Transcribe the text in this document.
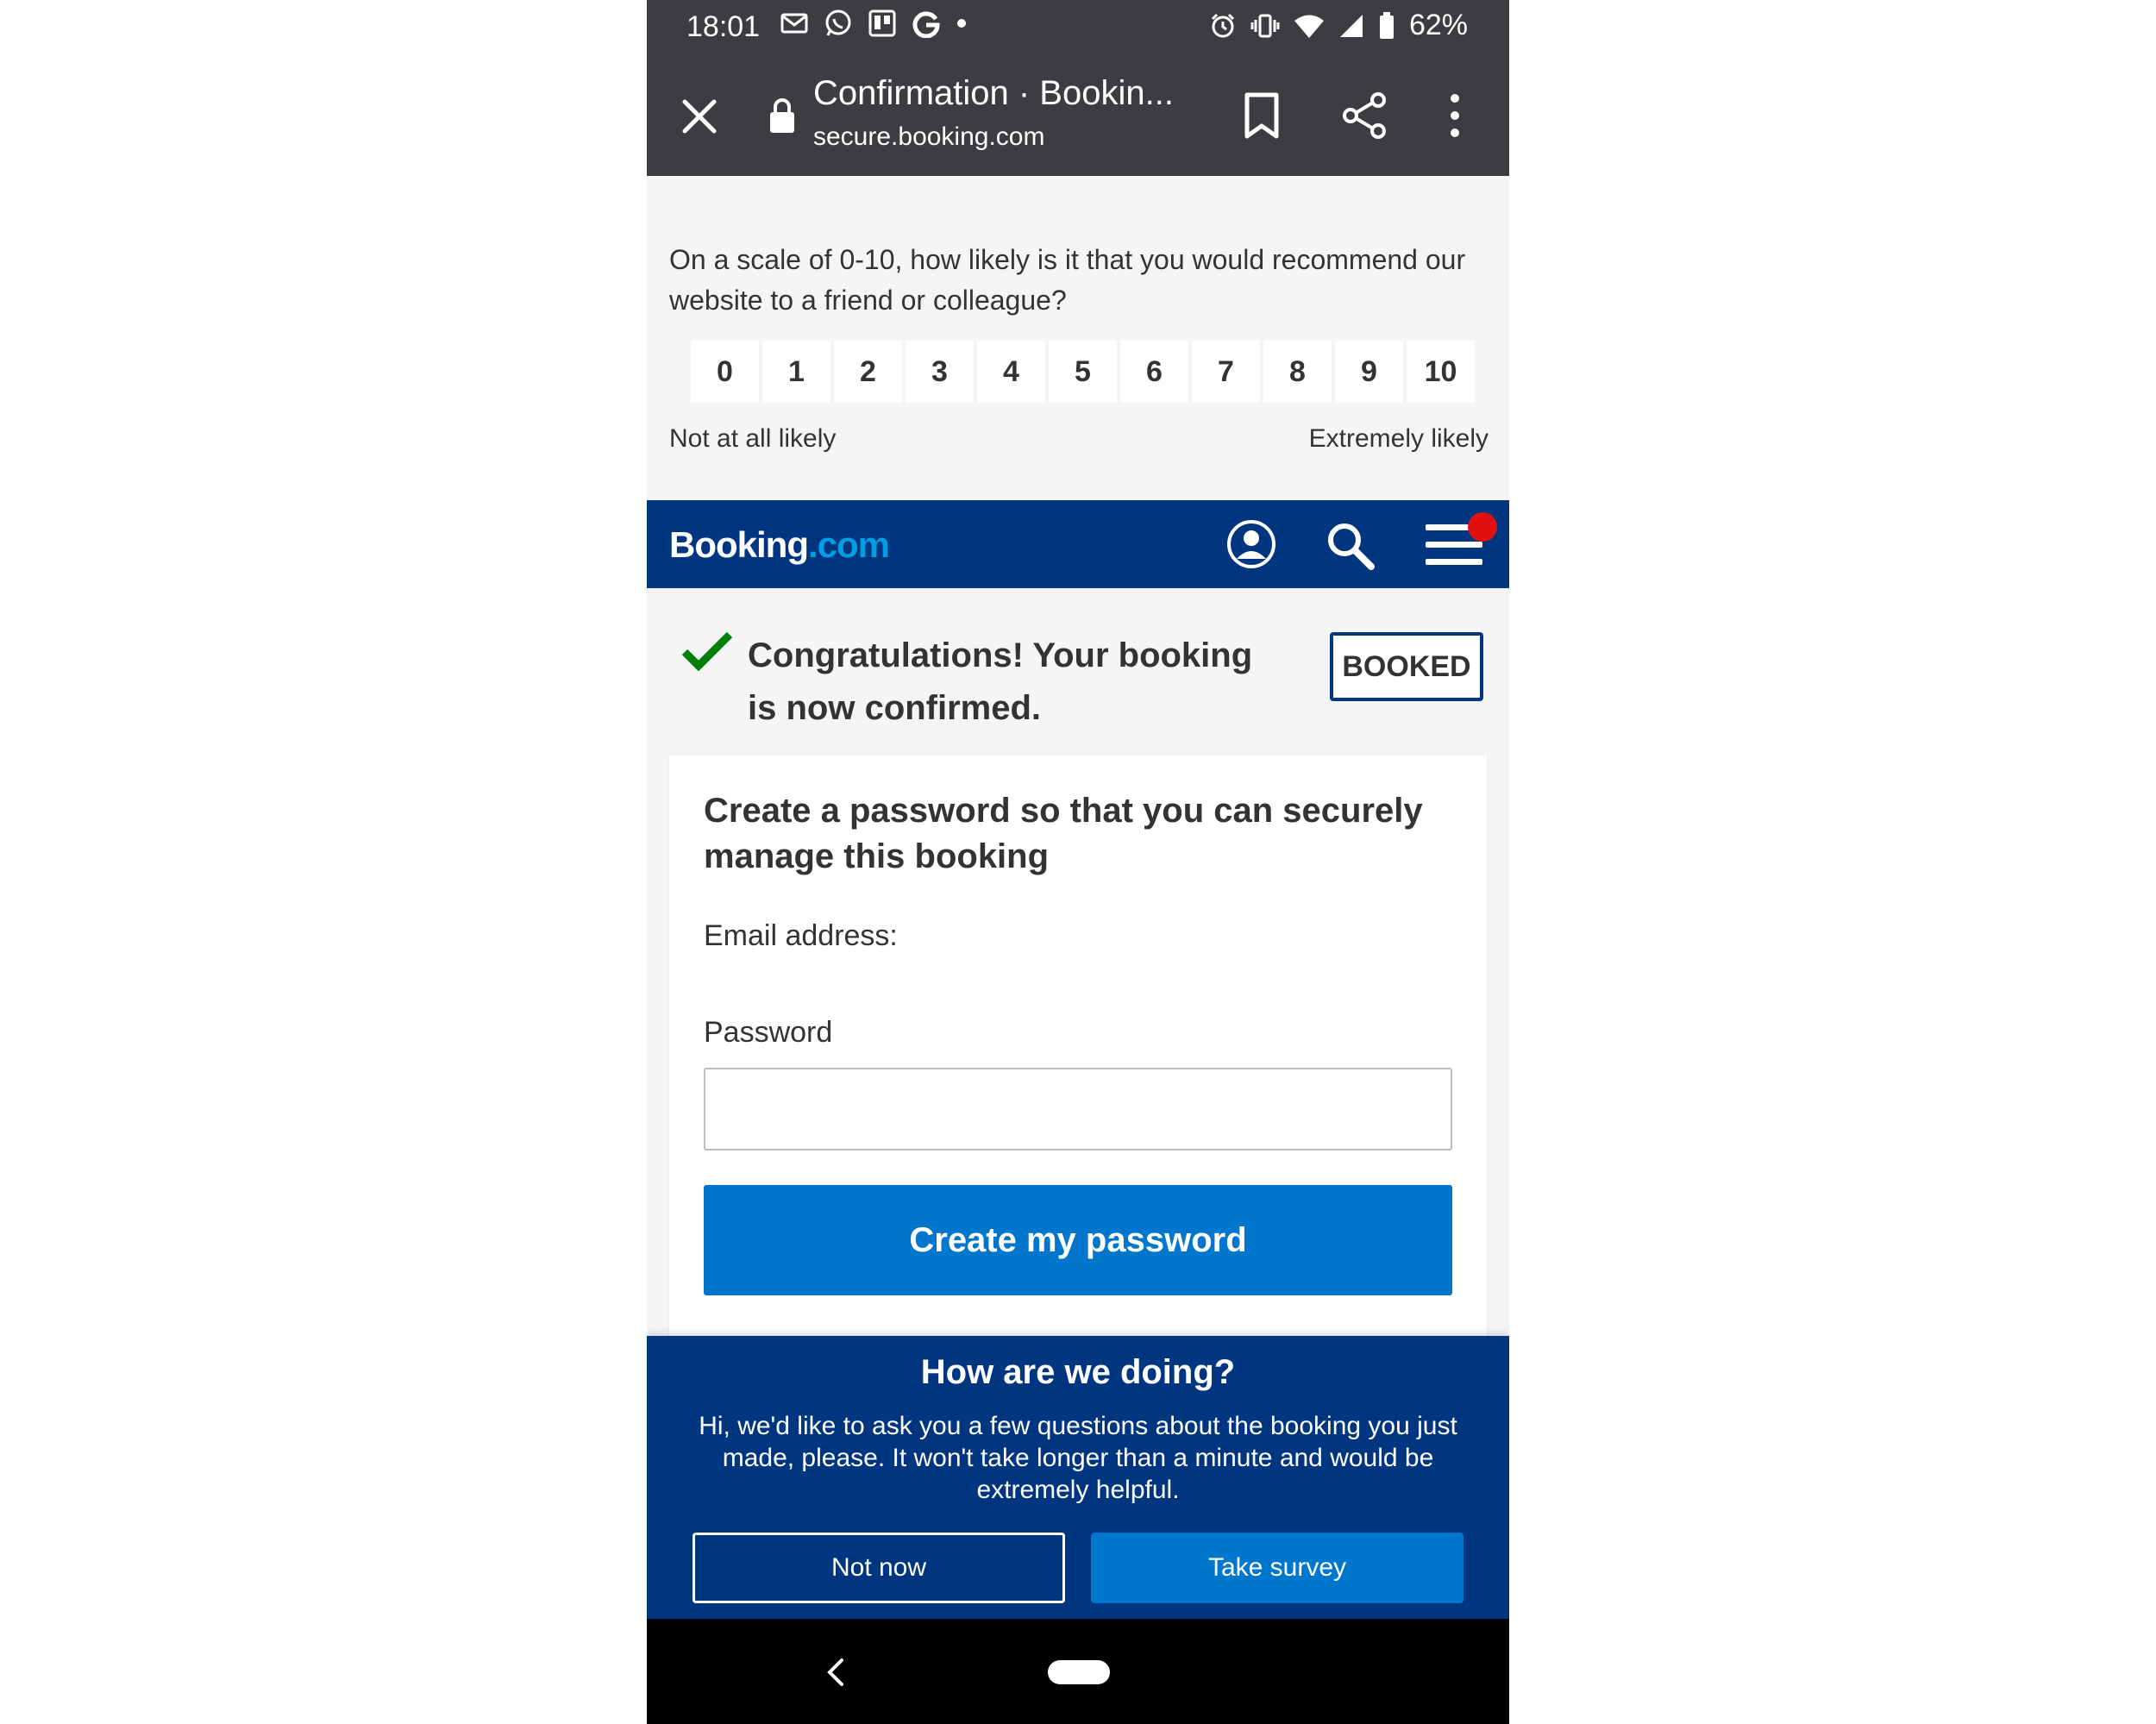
18:01	62%
Confirmation · Bookin...
secure.booking.com
On a scale of 0-10, how likely is it that you would recommend our website to a friend or colleague?
0	1	2	3	4	5	6	7	8	9	10
Not at all likely	Extremely likely
Booking.com
Congratulations! Your booking is now confirmed.
BOOKED
Create a password so that you can securely manage this booking
Email address:
Password
Create my password
How are we doing?
Hi, we'd like to ask you a few questions about the booking you just made, please. It won't take longer than a minute and would be extremely helpful.
Not now	Take survey
